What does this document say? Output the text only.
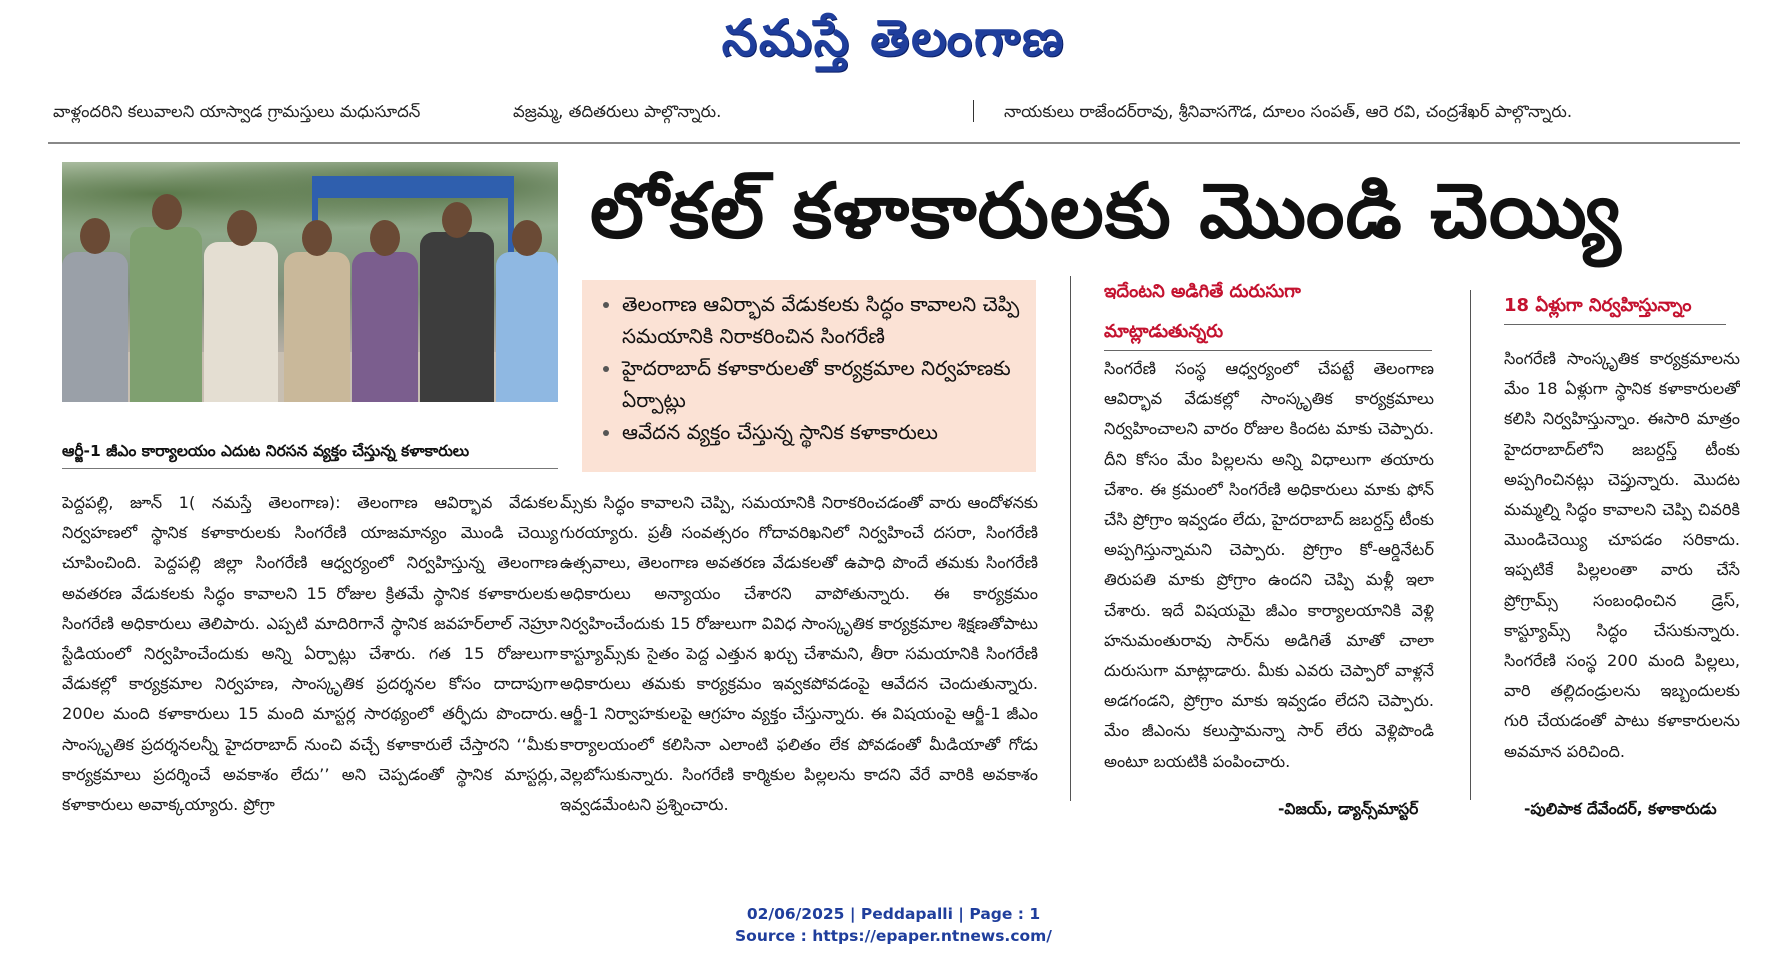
నమస్తే తెలంగాణ
వాళ్లందరిని కలువాలని యాస్వాడ గ్రామస్తులు మధుసూదన్	వజ్రమ్మ, తదితరులు పాల్గొన్నారు.	నాయకులు రాజేందర్‌రావు, శ్రీనివాసగౌడ, దూలం సంపత్, ఆరె రవి, చంద్రశేఖర్ పాల్గొన్నారు.
ఆర్జీ-1 జీఎం కార్యాలయం ఎదుట నిరసన వ్యక్తం చేస్తున్న కళాకారులు
లోకల్ కళాకారులకు మొండి చెయ్యి
• తెలంగాణ ఆవిర్భావ వేడుకలకు సిద్ధం కావాలని చెప్పి సమయానికి నిరాకరించిన సింగరేణి
• హైదరాబాద్ కళాకారులతో కార్యక్రమాల నిర్వహణకు ఏర్పాట్లు
• ఆవేదన వ్యక్తం చేస్తున్న స్థానిక కళాకారులు
పెద్దపల్లి, జూన్ 1( నమస్తే తెలంగాణ): తెలంగాణ ఆవిర్భావ వేడుకల నిర్వహణలో స్థానిక కళాకారులకు సింగరేణి యాజమాన్యం మొండి చెయ్యి చూపించింది. పెద్దపల్లి జిల్లా సింగరేణి ఆధ్వర్యంలో నిర్వహిస్తున్న తెలంగాణ అవతరణ వేడుకలకు సిద్ధం కావాలని 15 రోజుల క్రితమే స్థానిక కళాకారులకు సింగరేణి అధికారులు తెలిపారు. ఎప్పటి మాదిరిగానే స్థానిక జవహర్‌లాల్ నెహ్రూ స్టేడియంలో నిర్వహించేందుకు అన్ని ఏర్పాట్లు చేశారు. గత 15 రోజులుగా వేడుకల్లో కార్యక్రమాల నిర్వహణ, సాంస్కృతిక ప్రదర్శనల కోసం దాదాపుగా 200ల మంది కళాకారులు 15 మంది మాస్టర్ల సారథ్యంలో తర్ఫీదు పొందారు. సాంస్కృతిక ప్రదర్శనలన్నీ హైదరాబాద్ నుంచి వచ్చే కళాకారులే చేస్తారని ‘‘మీకు కార్యక్రమాలు ప్రదర్శించే అవకాశం లేదు’’ అని చెప్పడంతో స్థానిక మాస్టర్లు, కళాకారులు అవాక్కయ్యారు. ప్రోగ్రా
మ్స్‌కు సిద్ధం కావాలని చెప్పి, సమయానికి నిరాకరించడంతో వారు ఆందోళనకు గురయ్యారు. ప్రతీ సంవత్సరం గోదావరిఖనిలో నిర్వహించే దసరా, సింగరేణి ఉత్సవాలు, తెలంగాణ అవతరణ వేడుకలతో ఉపాధి పొందే తమకు సింగరేణి అధికారులు అన్యాయం చేశారని వాపోతున్నారు. ఈ కార్యక్రమం నిర్వహించేందుకు 15 రోజులుగా వివిధ సాంస్కృతిక కార్యక్రమాల శిక్షణతోపాటు కాస్ట్యూమ్స్‌కు సైతం పెద్ద ఎత్తున ఖర్చు చేశామని, తీరా సమయానికి సింగరేణి అధికారులు తమకు కార్యక్రమం ఇవ్వకపోవడంపై ఆవేదన చెందుతున్నారు. ఆర్జీ-1 నిర్వాహకులపై ఆగ్రహం వ్యక్తం చేస్తున్నారు. ఈ విషయంపై ఆర్జీ-1 జీఎం కార్యాలయంలో కలిసినా ఎలాంటి ఫలితం లేక పోవడంతో మీడియాతో గోడు వెల్లబోసుకున్నారు. సింగరేణి కార్మికుల పిల్లలను కాదని వేరే వారికి అవకాశం ఇవ్వడమేంటని ప్రశ్నించారు.
ఇదేంటని అడిగితే దురుసుగా మాట్లాడుతున్నరు
సింగరేణి సంస్థ ఆధ్వర్యంలో చేపట్టే తెలంగాణ ఆవిర్భావ వేడుకల్లో సాంస్కృతిక కార్యక్రమాలు నిర్వహించాలని వారం రోజుల కిందట మాకు చెప్పారు. దీని కోసం మేం పిల్లలను అన్ని విధాలుగా తయారు చేశాం. ఈ క్రమంలో సింగరేణి అధికారులు మాకు ఫోన్ చేసి ప్రోగ్రాం ఇవ్వడం లేదు, హైదరాబాద్ జబర్దస్త్ టీంకు అప్పగిస్తున్నామని చెప్పారు. ప్రోగ్రాం కో-ఆర్డినేటర్ తిరుపతి మాకు ప్రోగ్రాం ఉందని చెప్పి మళ్లీ ఇలా చేశారు. ఇదే విషయమై జీఎం కార్యాలయానికి వెళ్లి హనుమంతురావు సార్‌ను అడిగితే మాతో చాలా దురుసుగా మాట్లాడారు. మీకు ఎవరు చెప్పారో వాళ్లనే అడగండని, ప్రోగ్రాం మాకు ఇవ్వడం లేదని చెప్పారు. మేం జీఎంను కలుస్తామన్నా సార్ లేరు వెళ్లిపొండి అంటూ బయటికి పంపించారు.
-విజయ్, డ్యాన్స్‌మాస్టర్
18 ఏళ్లుగా నిర్వహిస్తున్నాం
సింగరేణి సాంస్కృతిక కార్యక్రమాలను మేం 18 ఏళ్లుగా స్థానిక కళాకారులతో కలిసి నిర్వహిస్తున్నాం. ఈసారి మాత్రం హైదరాబాద్‌లోని జబర్దస్త్ టీంకు అప్పగించినట్లు చెప్తున్నారు. మొదట మమ్మల్ని సిద్ధం కావాలని చెప్పి చివరికి మొండిచెయ్యి చూపడం సరికాదు. ఇప్పటికే పిల్లలంతా వారు చేసే ప్రోగ్రామ్స్ సంబంధించిన డ్రెస్, కాస్ట్యూమ్స్ సిద్ధం చేసుకున్నారు. సింగరేణి సంస్థ 200 మంది పిల్లలు, వారి తల్లిదండ్రులను ఇబ్బందులకు గురి చేయడంతో పాటు కళాకారులను అవమాన పరిచింది.
-పులిపాక దేవేందర్, కళాకారుడు
02/06/2025 | Peddapalli | Page : 1
Source : https://epaper.ntnews.com/
